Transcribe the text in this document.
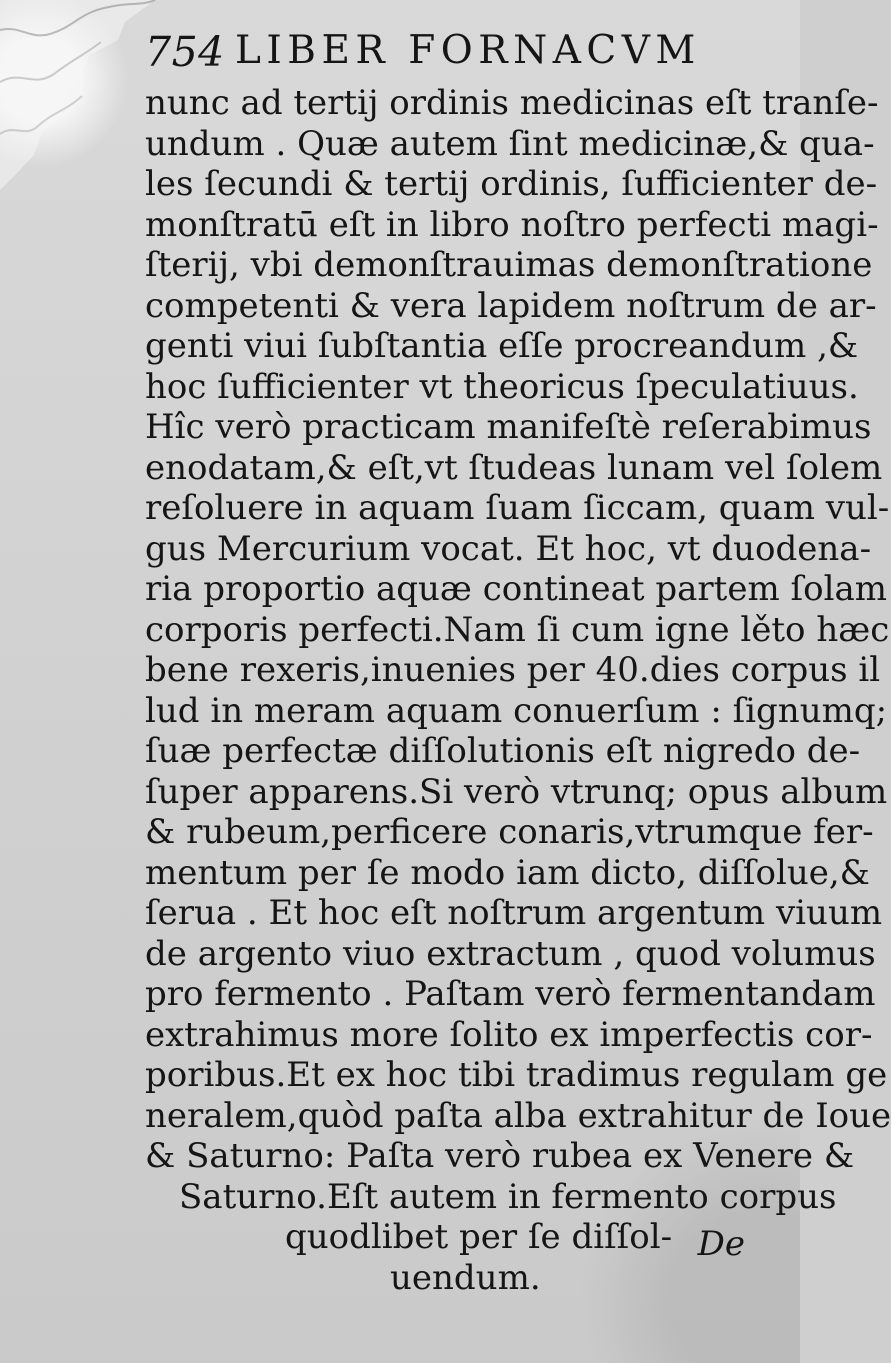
754 LIBER FORNACVM
nunc ad tertij ordinis medicinas eſt tranſe-
undum . Quæ autem ſint medicinæ,& qua-
les ſecundi & tertij ordinis, ſufficienter de-
monſtratū eſt in libro noſtro perfecti magi-
ſterij, vbi demonſtrauimas demonſtratione
competenti & vera lapidem noſtrum de ar-
genti viui ſubſtantia eſſe procreandum ,&
hoc ſufficienter vt theoricus ſpeculatiuus.
Hîc verò practicam manifeſtè reſerabimus
enodatam,& eſt,vt ſtudeas lunam vel ſolem
reſoluere in aquam ſuam ſiccam, quam vul-
gus Mercurium vocat. Et hoc, vt duodena-
ria proportio aquæ contineat partem ſolam
corporis perfecti.Nam ſi cum igne lěto hæc
bene rexeris,inuenies per 40.dies corpus il
lud in meram aquam conuerſum : ſignumq;
ſuæ perfectæ diſſolutionis eſt nigredo de-
ſuper apparens.Si verò vtrunq; opus album
& rubeum,perficere conaris,vtrumque fer-
mentum per ſe modo iam dicto, diſſolue,&
ſerua . Et hoc eſt noſtrum argentum viuum
de argento viuo extractum , quod volumus
pro fermento . Paſtam verò fermentandam
extrahimus more ſolito ex imperfectis cor-
poribus.Et ex hoc tibi tradimus regulam ge
neralem,quòd paſta alba extrahitur de Ioue
& Saturno: Paſta verò rubea ex Venere &
Saturno.Eſt autem in fermento corpus
quodlibet per ſe diſſol-
uendum.
De
